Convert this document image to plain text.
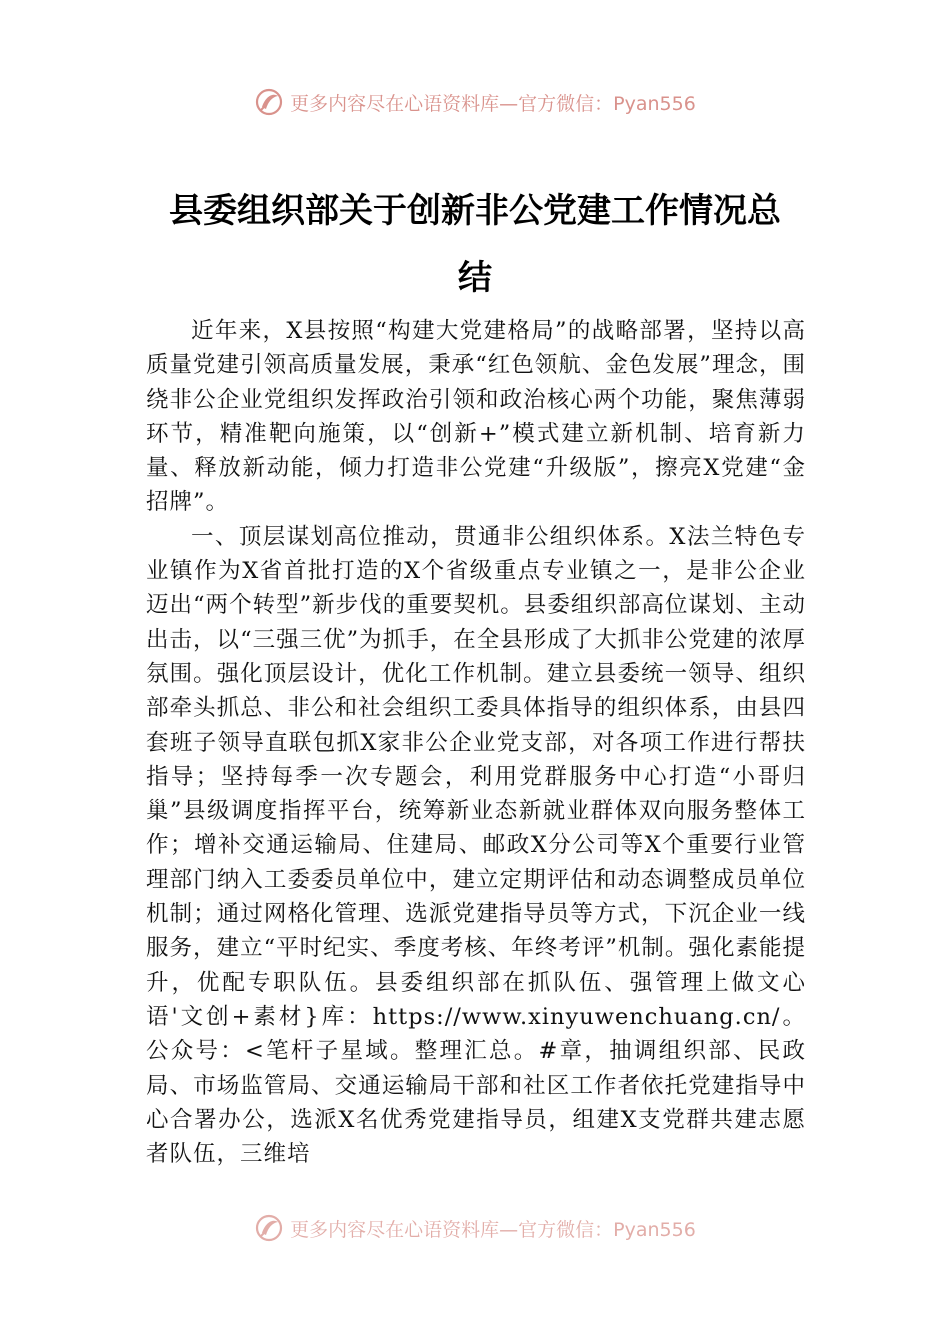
更多内容尽在心语资料库—官方微信：Pyan556
县委组织部关于创新非公党建工作情况总
结

近年来，X县按照“构建大党建格局”的战略部署，坚持以高质量党建引领高质量发展，秉承“红色领航、金色发展”理念，围绕非公企业党组织发挥政治引领和政治核心两个功能，聚焦薄弱环节，精准靶向施策，以“创新+”模式建立新机制、培育新力量、释放新动能，倾力打造非公党建“升级版”，擦亮X党建“金招牌”。

一、顶层谋划高位推动，贯通非公组织体系。X法兰特色专业镇作为X省首批打造的X个省级重点专业镇之一，是非公企业迈出“两个转型”新步伐的重要契机。县委组织部高位谋划、主动出击，以“三强三优”为抓手，在全县形成了大抓非公党建的浓厚氛围。强化顶层设计，优化工作机制。建立县委统一领导、组织部牵头抓总、非公和社会组织工委具体指导的组织体系，由县四套班子领导直联包抓X家非公企业党支部，对各项工作进行帮扶指导；坚持每季一次专题会，利用党群服务中心打造“小哥归巢”县级调度指挥平台，统筹新业态新就业群体双向服务整体工作；增补交通运输局、住建局、邮政X分公司等X个重要行业管理部门纳入工委委员单位中，建立定期评估和动态调整成员单位机制；通过网格化管理、选派党建指导员等方式，下沉企业一线服务，建立“平时纪实、季度考核、年终考评”机制。强化素能提升，优配专职队伍。县委组织部在抓队伍、强管理上做文心语'文创+素材}库：https://www.xinyuwenchuang.cn/。公众号：<笔杆子星域。整理汇总。#章，抽调组织部、民政局、市场监管局、交通运输局干部和社区工作者依托党建指导中心合署办公，选派X名优秀党建指导员，组建X支党群共建志愿者队伍，三维培

更多内容尽在心语资料库—官方微信：Pyan556
